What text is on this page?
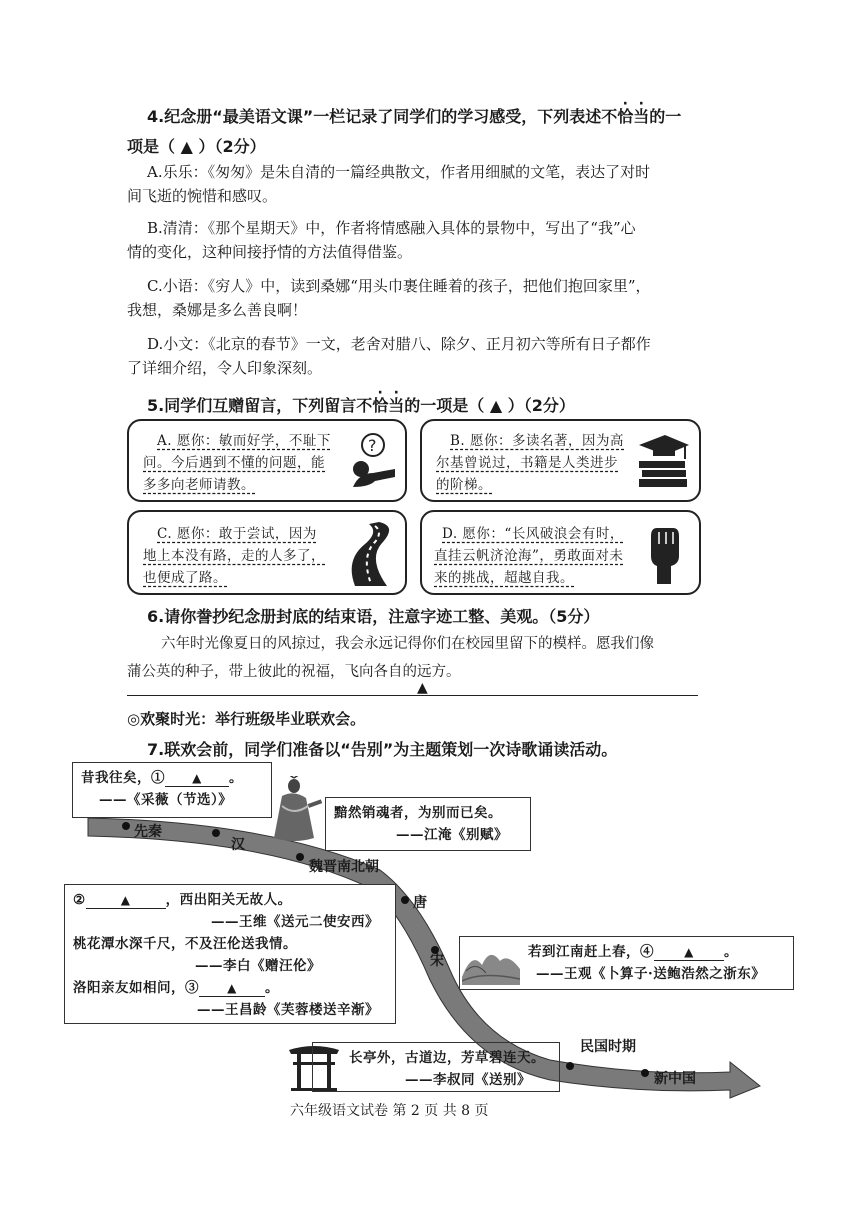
4.纪念册“最美语文课”一栏记录了同学们的学习感受，下列表述不恰当的一
项是（ ▲ ）（2分）
A.乐乐：《匆匆》是朱自清的一篇经典散文，作者用细腻的文笔，表达了对时
间飞逝的惋惜和感叹。
B.清清：《那个星期天》中，作者将情感融入具体的景物中，写出了“我”心
情的变化，这种间接抒情的方法值得借鉴。
C.小语：《穷人》中，读到桑娜“用头巾裹住睡着的孩子，把他们抱回家里”，
我想，桑娜是多么善良啊！
D.小文：《北京的春节》一文，老舍对腊八、除夕、正月初六等所有日子都作
了详细介绍，令人印象深刻。
5.同学们互赠留言，下列留言不恰当的一项是（ ▲ ）（2分）
A. 愿你：敏而好学，不耻下
问。今后遇到不懂的问题，能
多多向老师请教。
?	B. 愿你：多读名著，因为高
尔基曾说过，书籍是人类进步
的阶梯。
C. 愿你：敢于尝试，因为
地上本没有路，走的人多了，
也便成了路。
D. 愿你：“长风破浪会有时，
直挂云帆济沧海”，勇敢面对未
来的挑战，超越自我。
6.请你誊抄纪念册封底的结束语，注意字迹工整、美观。（5分）
六年时光像夏日的风掠过，我会永远记得你们在校园里留下的模样。愿我们像
蒲公英的种子，带上彼此的祝福，飞向各自的远方。
▲
◎欢聚时光：举行班级毕业联欢会。
7.联欢会前，同学们准备以“告别”为主题策划一次诗歌诵读活动。
先秦
汉
魏晋南北朝
唐
宋
民国时期
新中国
昔我往矣，① ▲ 。
——《采薇（节选）》
黯然销魂者，为别而已矣。
——江淹《别赋》
②	▲	，西出阳关无故人。
——王维《送元二使安西》
桃花潭水深千尺，不及汪伦送我情。
——李白《赠汪伦》
洛阳亲友如相问，③ ▲ 。
——王昌龄《芙蓉楼送辛渐》
若到江南赶上春，④	▲ 。
——王观《卜算子·送鲍浩然之浙东》
长亭外，古道边，芳草碧连天。
——李叔同《送别》
六年级语文试卷 第 2 页 共 8 页
